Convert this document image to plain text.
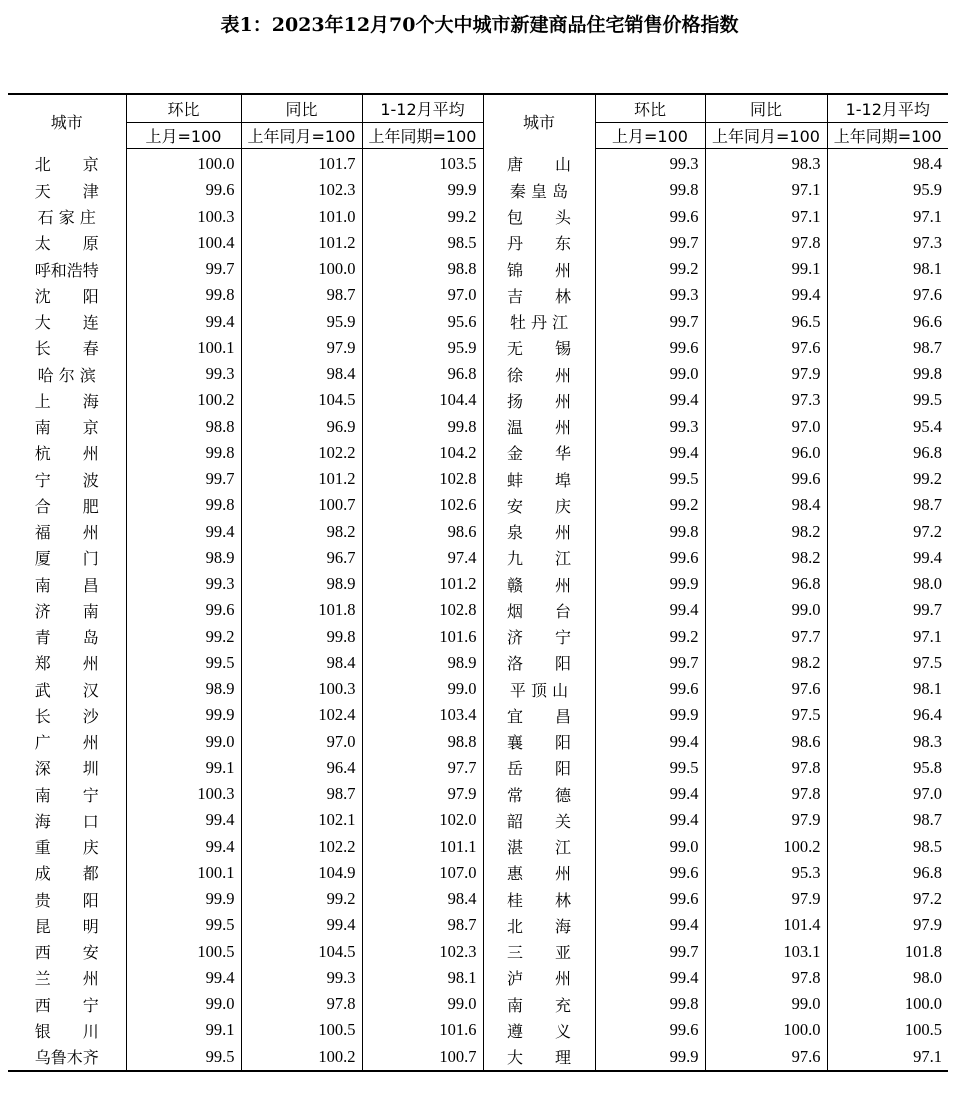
表1：2023年12月70个大中城市新建商品住宅销售价格指数
城市	环比	同比	1-12月平均	城市	环比	同比	1-12月平均
	上月=100	上年同月=100	上年同期=100		上月=100	上年同月=100	上年同期=100
北　　京	100.0	101.7	103.5	唐　　山	99.3	98.3	98.4
天　　津	99.6	102.3	99.9	秦 皇 岛	99.8	97.1	95.9
石 家 庄	100.3	101.0	99.2	包　　头	99.6	97.1	97.1
太　　原	100.4	101.2	98.5	丹　　东	99.7	97.8	97.3
呼和浩特	99.7	100.0	98.8	锦　　州	99.2	99.1	98.1
沈　　阳	99.8	98.7	97.0	吉　　林	99.3	99.4	97.6
大　　连	99.4	95.9	95.6	牡 丹 江	99.7	96.5	96.6
长　　春	100.1	97.9	95.9	无　　锡	99.6	97.6	98.7
哈 尔 滨	99.3	98.4	96.8	徐　　州	99.0	97.9	99.8
上　　海	100.2	104.5	104.4	扬　　州	99.4	97.3	99.5
南　　京	98.8	96.9	99.8	温　　州	99.3	97.0	95.4
杭　　州	99.8	102.2	104.2	金　　华	99.4	96.0	96.8
宁　　波	99.7	101.2	102.8	蚌　　埠	99.5	99.6	99.2
合　　肥	99.8	100.7	102.6	安　　庆	99.2	98.4	98.7
福　　州	99.4	98.2	98.6	泉　　州	99.8	98.2	97.2
厦　　门	98.9	96.7	97.4	九　　江	99.6	98.2	99.4
南　　昌	99.3	98.9	101.2	赣　　州	99.9	96.8	98.0
济　　南	99.6	101.8	102.8	烟　　台	99.4	99.0	99.7
青　　岛	99.2	99.8	101.6	济　　宁	99.2	97.7	97.1
郑　　州	99.5	98.4	98.9	洛　　阳	99.7	98.2	97.5
武　　汉	98.9	100.3	99.0	平 顶 山	99.6	97.6	98.1
长　　沙	99.9	102.4	103.4	宜　　昌	99.9	97.5	96.4
广　　州	99.0	97.0	98.8	襄　　阳	99.4	98.6	98.3
深　　圳	99.1	96.4	97.7	岳　　阳	99.5	97.8	95.8
南　　宁	100.3	98.7	97.9	常　　德	99.4	97.8	97.0
海　　口	99.4	102.1	102.0	韶　　关	99.4	97.9	98.7
重　　庆	99.4	102.2	101.1	湛　　江	99.0	100.2	98.5
成　　都	100.1	104.9	107.0	惠　　州	99.6	95.3	96.8
贵　　阳	99.9	99.2	98.4	桂　　林	99.6	97.9	97.2
昆　　明	99.5	99.4	98.7	北　　海	99.4	101.4	97.9
西　　安	100.5	104.5	102.3	三　　亚	99.7	103.1	101.8
兰　　州	99.4	99.3	98.1	泸　　州	99.4	97.8	98.0
西　　宁	99.0	97.8	99.0	南　　充	99.8	99.0	100.0
银　　川	99.1	100.5	101.6	遵　　义	99.6	100.0	100.5
乌鲁木齐	99.5	100.2	100.7	大　　理	99.9	97.6	97.1
